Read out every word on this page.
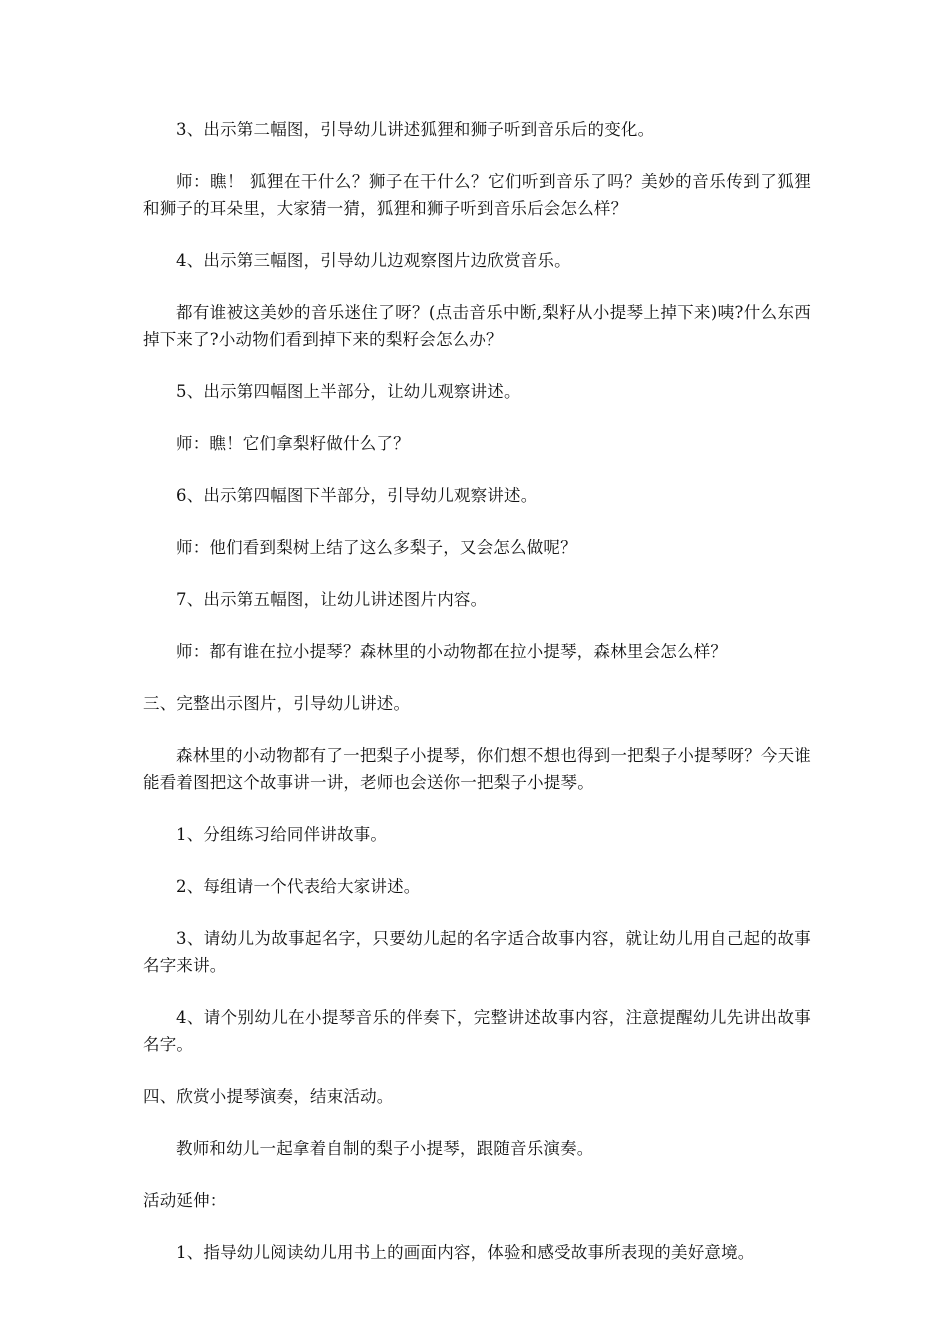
3、出示第二幅图，引导幼儿讲述狐狸和狮子听到音乐后的变化。

师：瞧！ 狐狸在干什么？狮子在干什么？它们听到音乐了吗？美妙的音乐传到了狐狸和狮子的耳朵里，大家猜一猜，狐狸和狮子听到音乐后会怎么样？

4、出示第三幅图，引导幼儿边观察图片边欣赏音乐。

都有谁被这美妙的音乐迷住了呀？(点击音乐中断,梨籽从小提琴上掉下来)咦?什么东西掉下来了?小动物们看到掉下来的梨籽会怎么办？

5、出示第四幅图上半部分，让幼儿观察讲述。

师：瞧！它们拿梨籽做什么了？

6、出示第四幅图下半部分，引导幼儿观察讲述。

师：他们看到梨树上结了这么多梨子，又会怎么做呢？

7、出示第五幅图，让幼儿讲述图片内容。

师：都有谁在拉小提琴？森林里的小动物都在拉小提琴，森林里会怎么样？

三、完整出示图片，引导幼儿讲述。

森林里的小动物都有了一把梨子小提琴，你们想不想也得到一把梨子小提琴呀？今天谁能看着图把这个故事讲一讲，老师也会送你一把梨子小提琴。

1、分组练习给同伴讲故事。

2、每组请一个代表给大家讲述。

3、请幼儿为故事起名字，只要幼儿起的名字适合故事内容，就让幼儿用自己起的故事名字来讲。

4、请个别幼儿在小提琴音乐的伴奏下，完整讲述故事内容，注意提醒幼儿先讲出故事名字。

四、欣赏小提琴演奏，结束活动。

教师和幼儿一起拿着自制的梨子小提琴，跟随音乐演奏。

活动延伸：

1、指导幼儿阅读幼儿用书上的画面内容，体验和感受故事所表现的美好意境。
